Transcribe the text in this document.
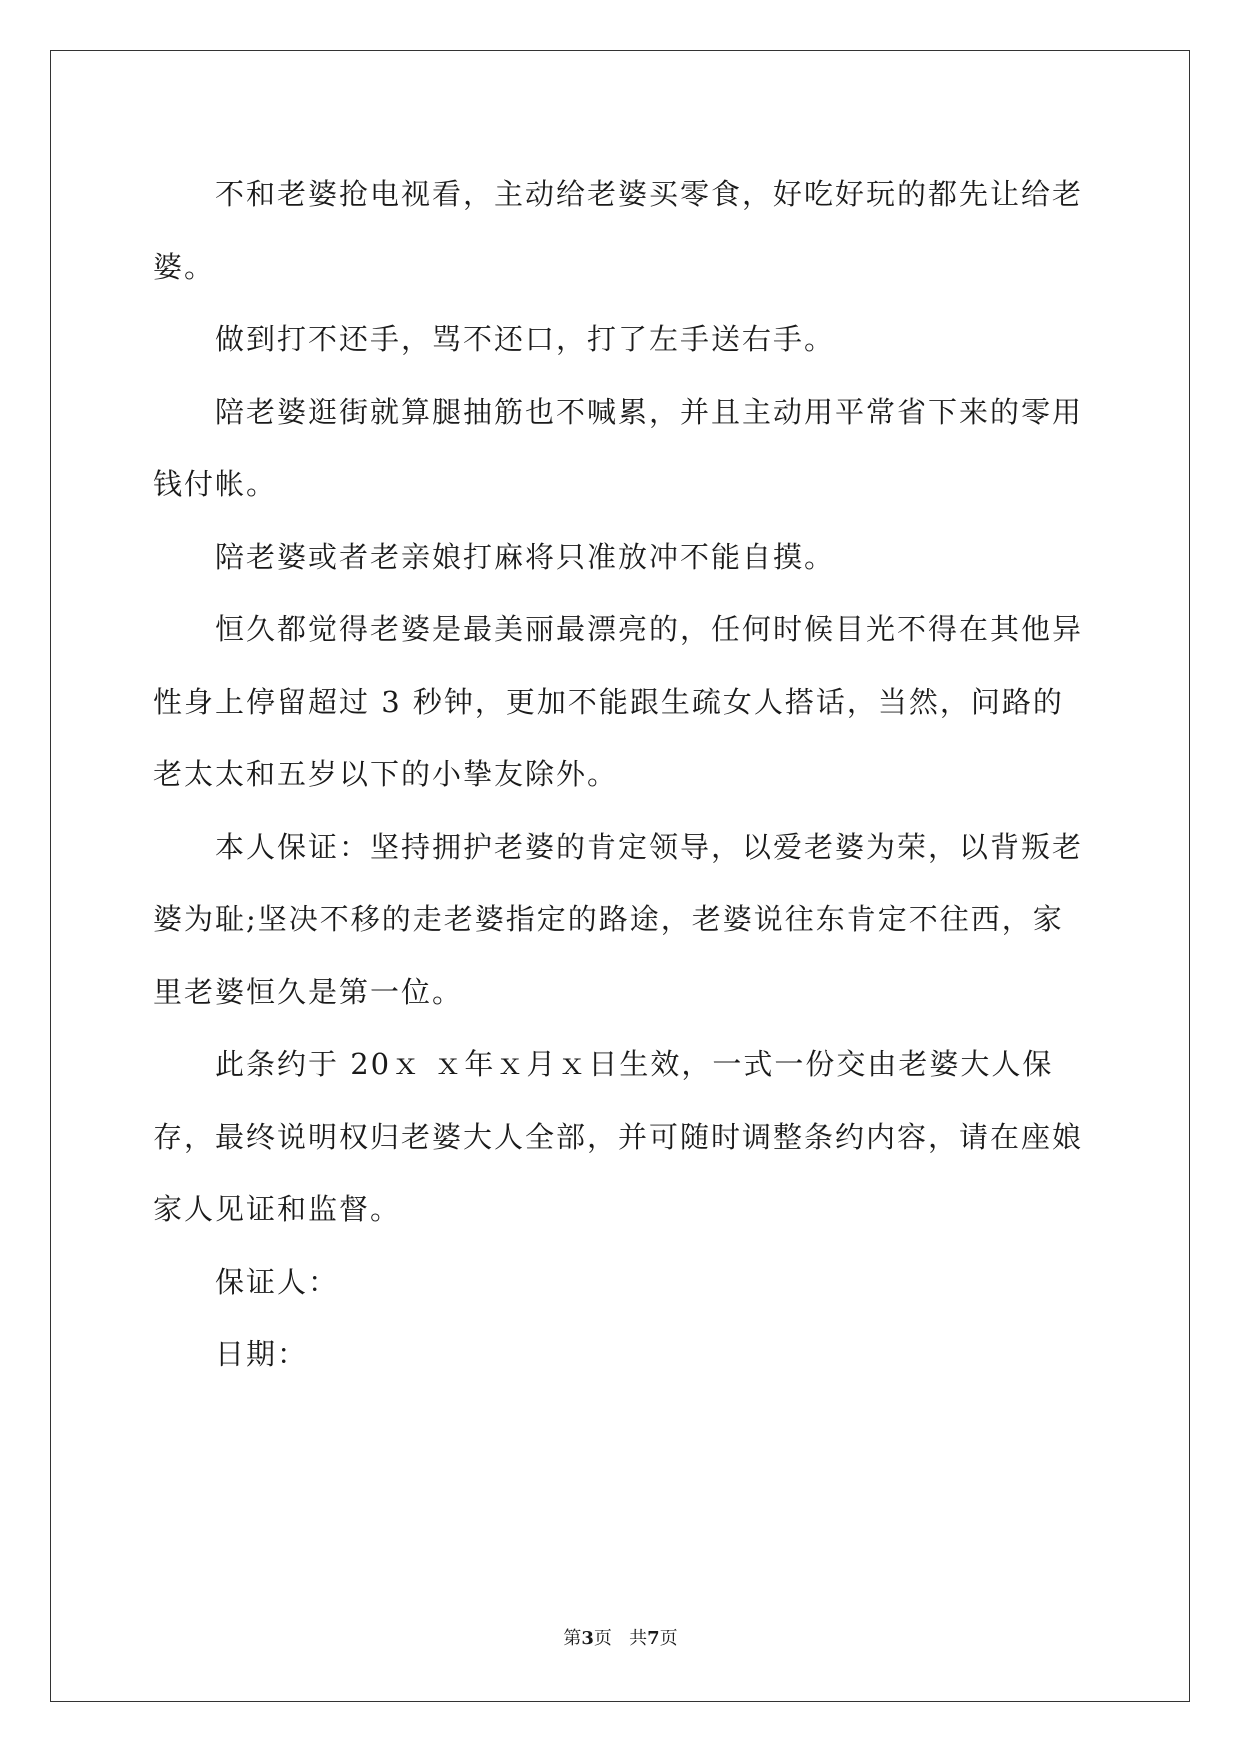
不和老婆抢电视看，主动给老婆买零食，好吃好玩的都先让给老婆。

做到打不还手，骂不还口，打了左手送右手。

陪老婆逛街就算腿抽筋也不喊累，并且主动用平常省下来的零用钱付帐。

陪老婆或者老亲娘打麻将只准放冲不能自摸。

恒久都觉得老婆是最美丽最漂亮的，任何时候目光不得在其他异性身上停留超过 3 秒钟，更加不能跟生疏女人搭话，当然，问路的老太太和五岁以下的小挚友除外。

本人保证：坚持拥护老婆的肯定领导，以爱老婆为荣，以背叛老婆为耻;坚决不移的走老婆指定的路途，老婆说往东肯定不往西，家里老婆恒久是第一位。

此条约于 20ｘ ｘ年ｘ月ｘ日生效，一式一份交由老婆大人保存，最终说明权归老婆大人全部，并可随时调整条约内容，请在座娘家人见证和监督。

保证人：

日期：

第3页   共7页
